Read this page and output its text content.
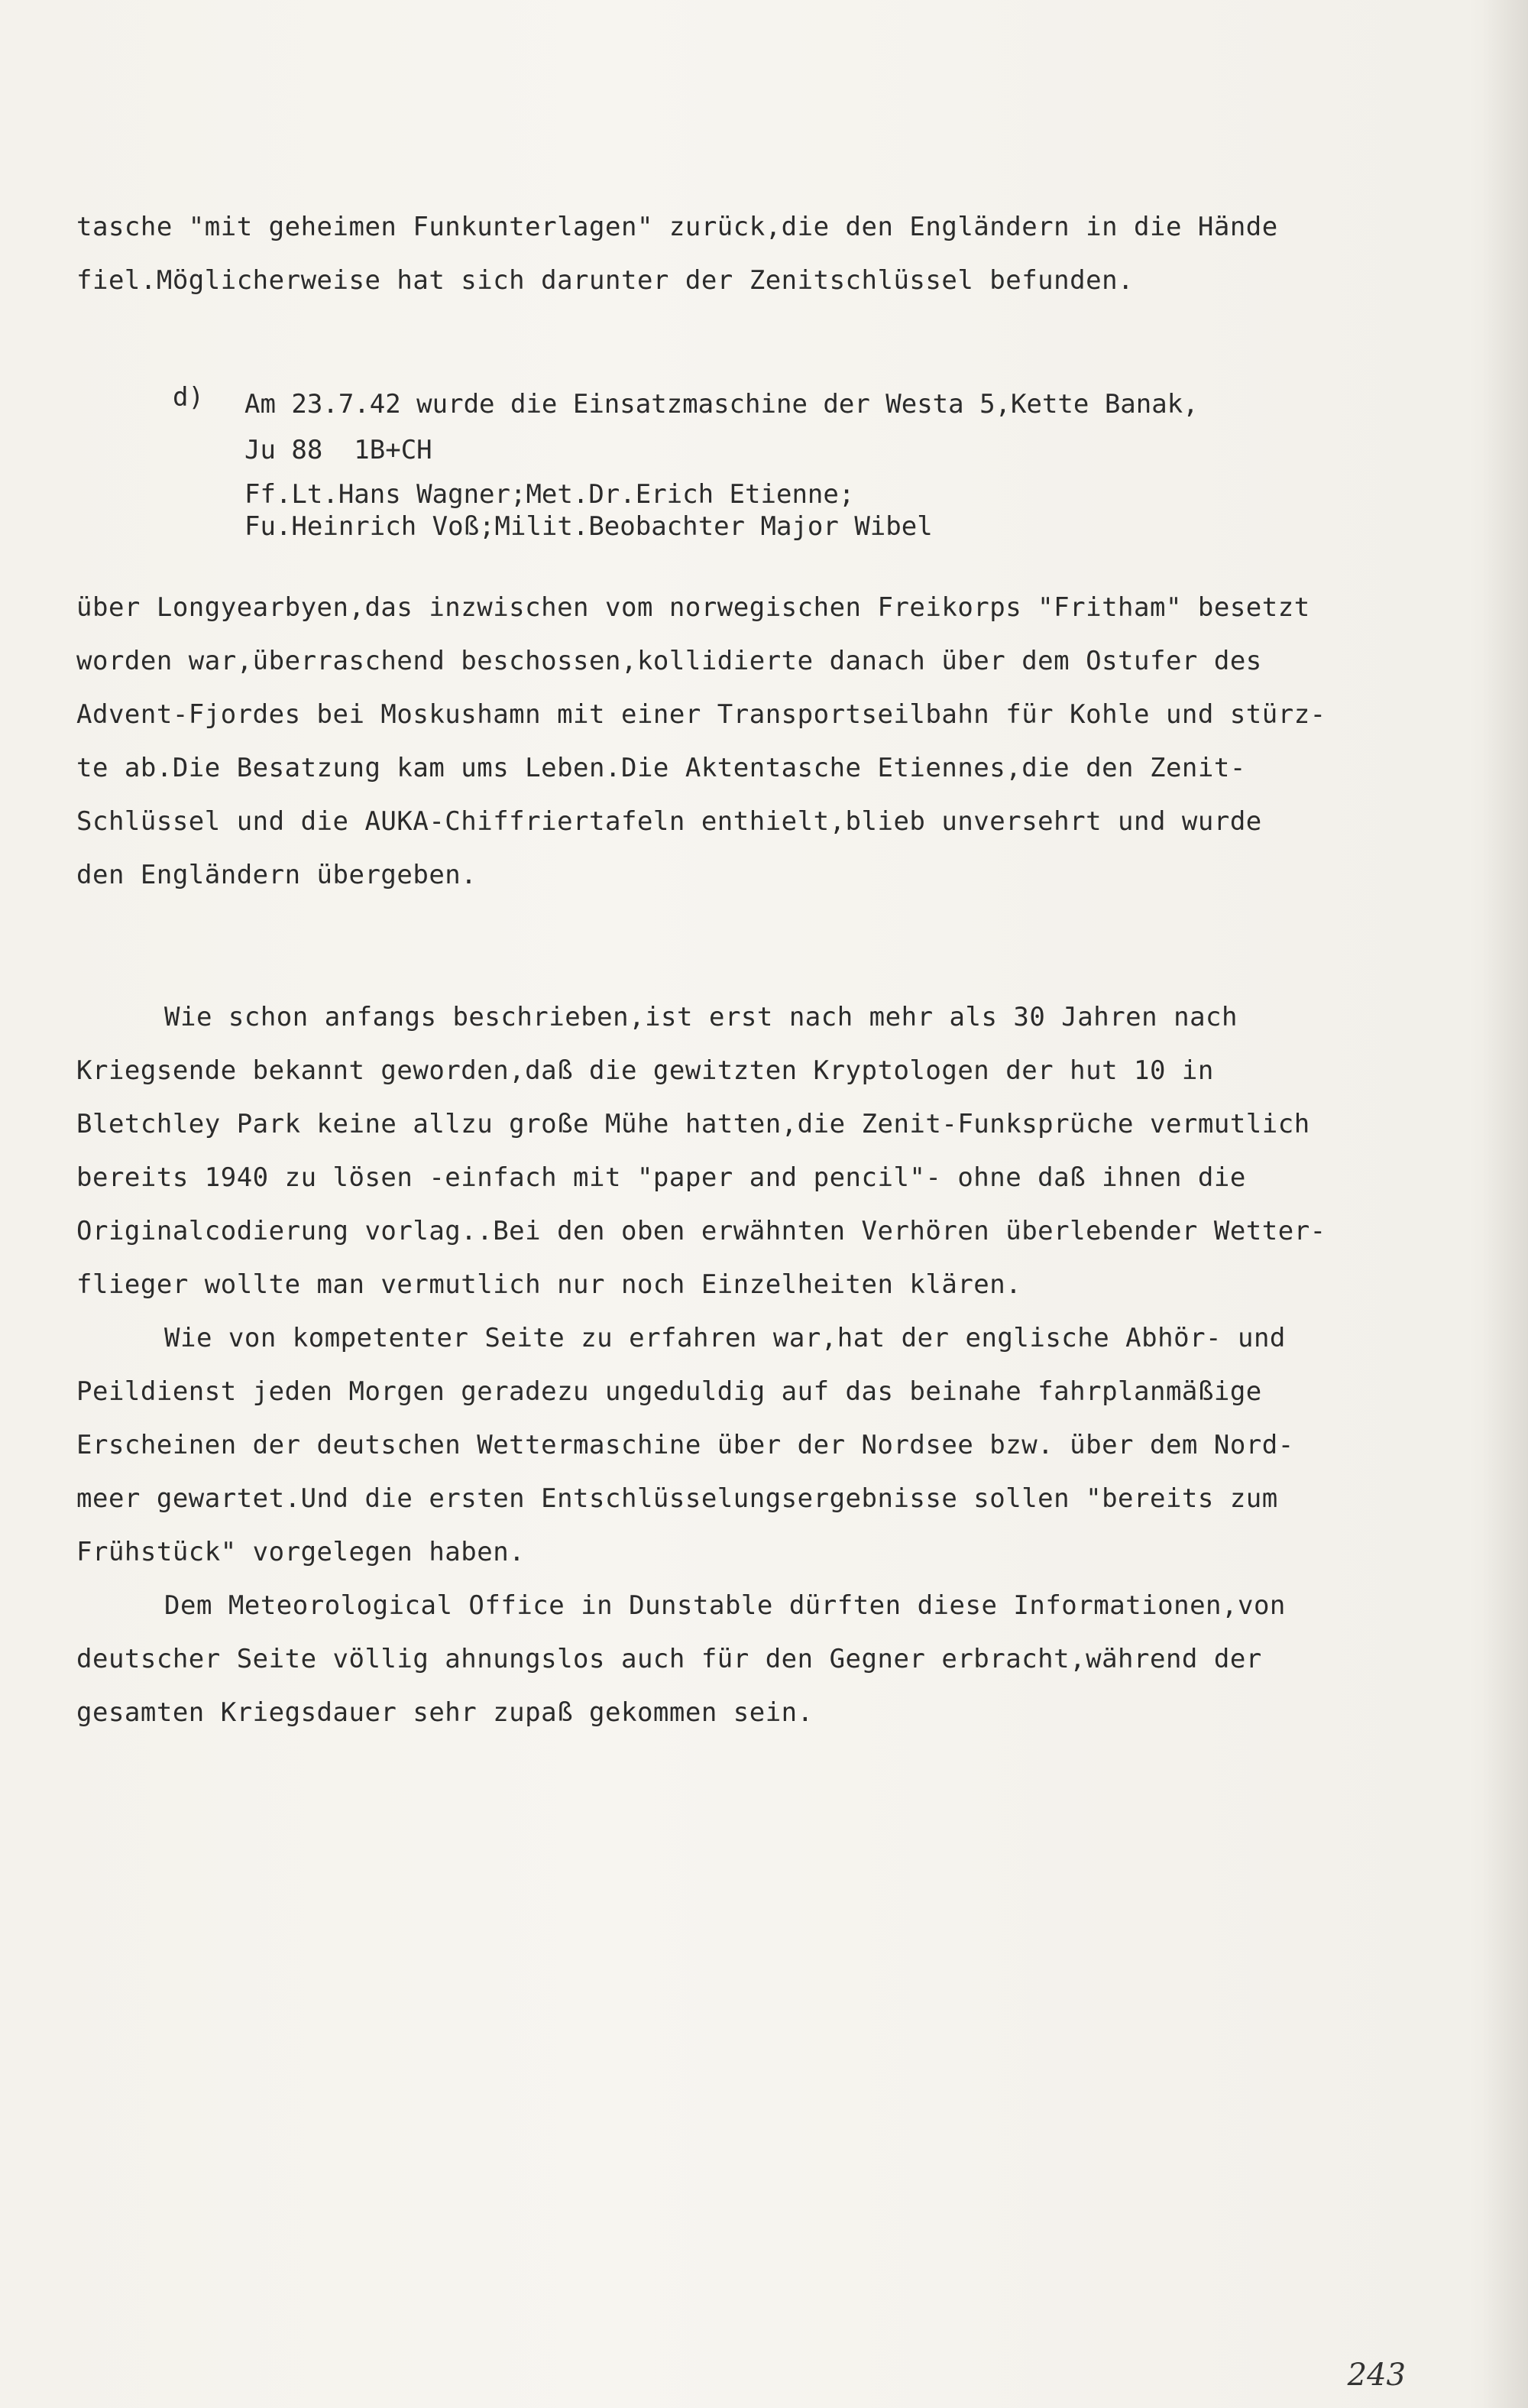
tasche "mit geheimen Funkunterlagen" zurück,die den Engländern in die Hände
fiel.Möglicherweise hat sich darunter der Zenitschlüssel befunden.
d) Am 23.7.42 wurde die Einsatzmaschine der Westa 5,Kette Banak,
Ju 88  1B+CH
Ff.Lt.Hans Wagner;Met.Dr.Erich Etienne;
Fu.Heinrich Voß;Milit.Beobachter Major Wibel
über Longyearbyen,das inzwischen vom norwegischen Freikorps "Fritham" besetzt
worden war,überraschend beschossen,kollidierte danach über dem Ostufer des
Advent-Fjordes bei Moskushamn mit einer Transportseilbahn für Kohle und stürz-
te ab.Die Besatzung kam ums Leben.Die Aktentasche Etiennes,die den Zenit-
Schlüssel und die AUKA-Chiffriertafeln enthielt,blieb unversehrt und wurde
den Engländern übergeben.
Wie schon anfangs beschrieben,ist erst nach mehr als 30 Jahren nach
Kriegsende bekannt geworden,daß die gewitzten Kryptologen der hut 10 in
Bletchley Park keine allzu große Mühe hatten,die Zenit-Funksprüche vermutlich
bereits 1940 zu lösen -einfach mit "paper and pencil"- ohne daß ihnen die
Originalcodierung vorlag..Bei den oben erwähnten Verhören überlebender Wetter-
flieger wollte man vermutlich nur noch Einzelheiten klären.
Wie von kompetenter Seite zu erfahren war,hat der englische Abhör- und
Peildienst jeden Morgen geradezu ungeduldig auf das beinahe fahrplanmäßige
Erscheinen der deutschen Wettermaschine über der Nordsee bzw. über dem Nord-
meer gewartet.Und die ersten Entschlüsselungsergebnisse sollen "bereits zum
Frühstück" vorgelegen haben.
Dem Meteorological Office in Dunstable dürften diese Informationen,von
deutscher Seite völlig ahnungslos auch für den Gegner erbracht,während der
gesamten Kriegsdauer sehr zupaß gekommen sein.
243
